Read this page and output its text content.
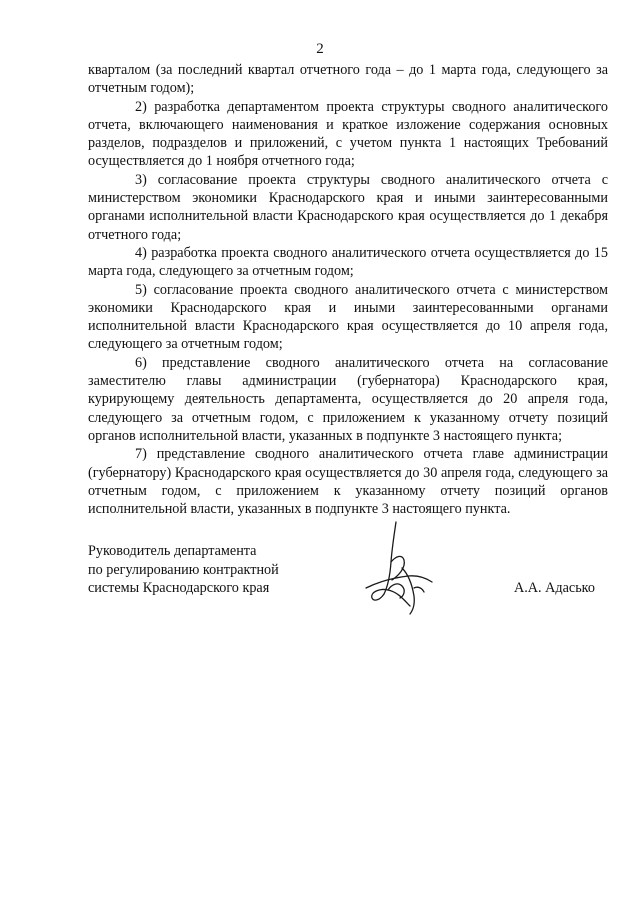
2

кварталом (за последний квартал отчетного года – до 1 марта года, следующего за отчетным годом);

2) разработка департаментом проекта структуры сводного аналитического отчета, включающего наименования и краткое изложение содержания основных разделов, подразделов и приложений, с учетом пункта 1 настоящих Требований осуществляется до 1 ноября отчетного года;

3) согласование проекта структуры сводного аналитического отчета с министерством экономики Краснодарского края и иными заинтересованными органами исполнительной власти Краснодарского края осуществляется до 1 декабря отчетного года;

4) разработка проекта сводного аналитического отчета осуществляется до 15 марта года, следующего за отчетным годом;

5) согласование проекта сводного аналитического отчета с министерством экономики Краснодарского края и иными заинтересованными органами исполнительной власти Краснодарского края осуществляется до 10 апреля года, следующего за отчетным годом;

6) представление сводного аналитического отчета на согласование заместителю главы администрации (губернатора) Краснодарского края, курирующему деятельность департамента, осуществляется до 20 апреля года, следующего за отчетным годом, с приложением к указанному отчету позиций органов исполнительной власти, указанных в подпункте 3 настоящего пункта;

7) представление сводного аналитического отчета главе администрации (губернатору) Краснодарского края осуществляется до 30 апреля года, следующего за отчетным годом, с приложением к указанному отчету позиций органов исполнительной власти, указанных в подпункте 3 настоящего пункта.

Руководитель департамента
по регулированию контрактной
системы Краснодарского края	А.А. Адасько
